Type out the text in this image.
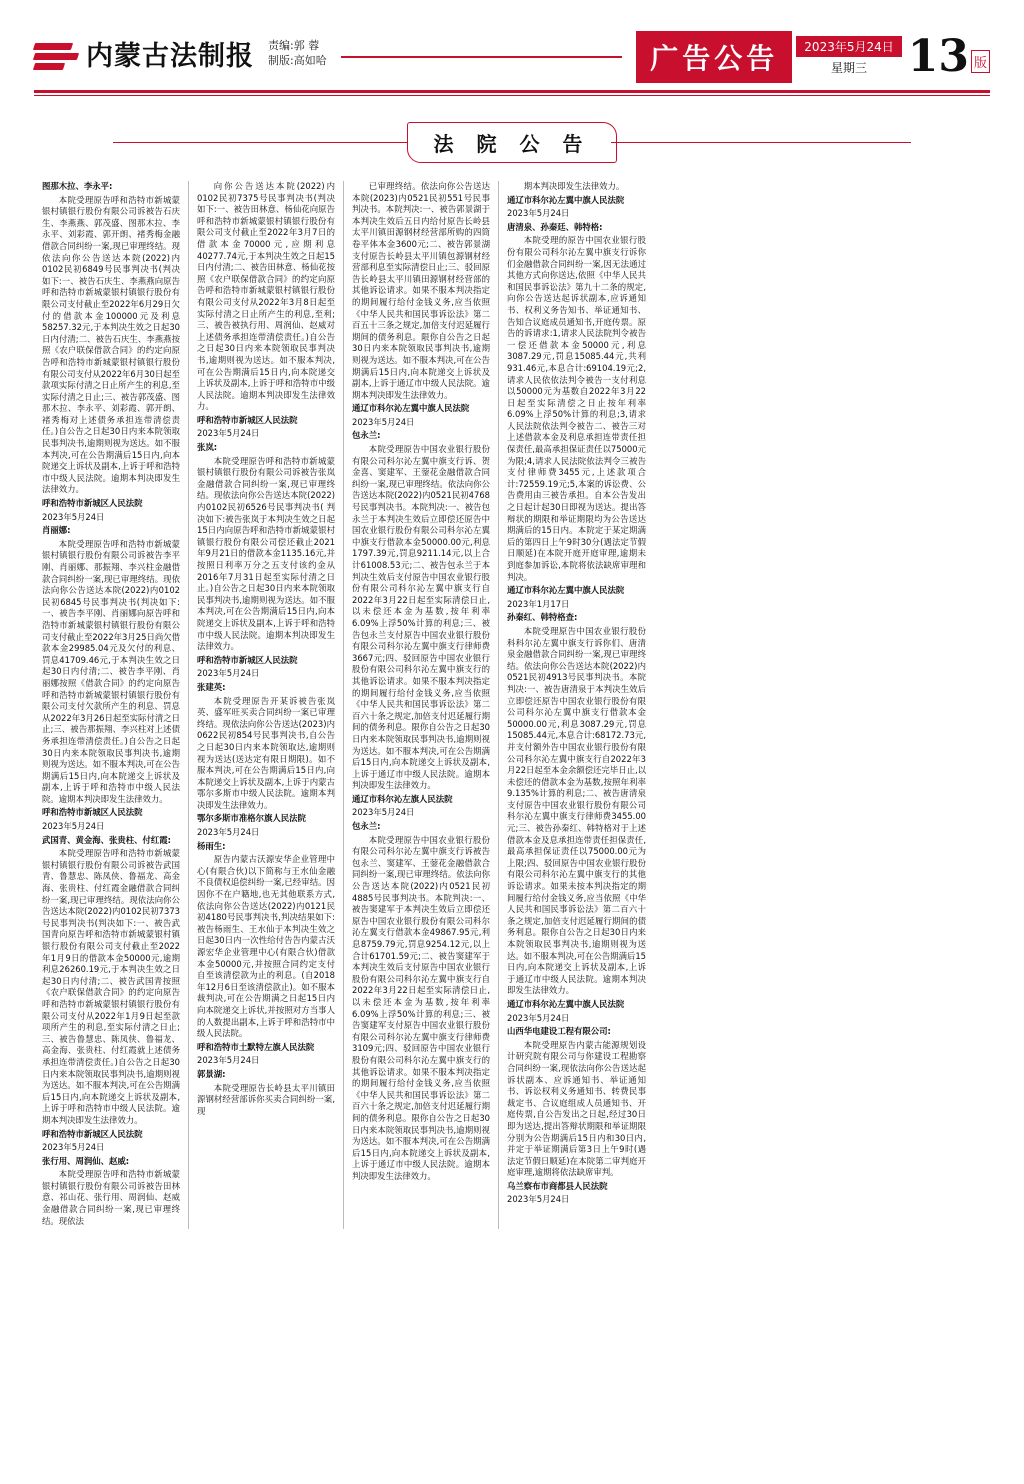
内蒙古法制报 责编:郭 蓉
制版:高如哈	广告公告	2023年5月24日
星期三 13 版
法 院 公 告

图那木拉、李永平:

本院受理原告呼和浩特市新城蒙银村镇银行股份有限公司诉被告石庆生、李燕燕、郭茂盛、图那木拉、李永平、刘彩霞、郭开朗、褚秀梅金融借款合同纠纷一案,现已审理终结。现依法向你公告送达本院(2022)内0102民初6849号民事判决书(判决如下:一、被告石庆生、李燕燕向原告呼和浩特市新城蒙银村镇银行股份有限公司支付截止至2022年6月29日欠付的借款本金100000元及利息58257.32元,于本判决生效之日起30日内付清;二、被告石庆生、李燕燕按照《农户联保借款合同》的约定向原告呼和浩特市新城蒙银村镇银行股份有限公司支付从2022年6月30日起至款项实际付清之日止所产生的利息,至实际付清之日止;三、被告郭茂盛、图那木拉、李永平、刘彩霞、郭开朗、褚秀梅对上述债务承担连带清偿责任。)自公告之日起30日内来本院领取民事判决书,逾期则视为送达。如不服本判决,可在公告期满后15日内,向本院递交上诉状及副本,上诉于呼和浩特市中级人民法院。逾期本判决即发生法律效力。

呼和浩特市新城区人民法院

2023年5月24日

肖丽娜:

本院受理原告呼和浩特市新城蒙银村镇银行股份有限公司诉被告李平刚、肖丽娜、那振翔、李兴柱金融借款合同纠纷一案,现已审理终结。现依法向你公告送达本院(2022)内0102民初6845号民事判决书(判决如下:一、被告李平刚、肖丽娜向原告呼和浩特市新城蒙银村镇银行股份有限公司支付截止至2022年3月25日尚欠借款本金29985.04元及欠付的利息、罚息41709.46元,于本判决生效之日起30日内付清;二、被告李平刚、肖丽娜按照《借款合同》的约定向原告呼和浩特市新城蒙银村镇银行股份有限公司支付欠款所产生的利息、罚息从2022年3月26日起至实际付清之日止;三、被告那振翔、李兴柱对上述债务承担连带清偿责任。)自公告之日起30日内来本院领取民事判决书,逾期则视为送达。如不服本判决,可在公告期满后15日内,向本院递交上诉状及副本,上诉于呼和浩特市中级人民法院。逾期本判决即发生法律效力。

呼和浩特市新城区人民法院

2023年5月24日

武国青、黄金海、张贵柱、付红霞:

本院受理原告呼和浩特市新城蒙银村镇银行股份有限公司诉被告武国青、鲁慧忠、陈凤侠、鲁福龙、高金海、张贵柱、付红霞金融借款合同纠纷一案,现已审理终结。现依法向你公告送达本院(2022)内0102民初7373号民事判决书(判决如下:一、被告武国青向原告呼和浩特市新城蒙银村镇银行股份有限公司支付截止至2022年1月9日的借款本金50000元,逾期利息26260.19元,于本判决生效之日起30日内付清;二、被告武国青按照《农户联保借款合同》的约定向原告呼和浩特市新城蒙银村镇银行股份有限公司支付从2022年1月9日起至款项所产生的利息,至实际付清之日止;三、被告鲁慧忠、陈凤侠、鲁福龙、高金海、张贵柱、付红霞就上述债务承担连带清偿责任。)自公告之日起30日内来本院领取民事判决书,逾期则视为送达。如不服本判决,可在公告期满后15日内,向本院递交上诉状及副本,上诉于呼和浩特市中级人民法院。逾期本判决即发生法律效力。

呼和浩特市新城区人民法院

2023年5月24日

张行用、周润仙、赵威:

本院受理原告呼和浩特市新城蒙银村镇银行股份有限公司诉被告田林意、祁山花、张行用、周润仙、赵威金融借款合同纠纷一案,现已审理终结。现依法

向你公告送达本院(2022)内0102民初7375号民事判决书(判决如下:一、被告田林意、杨仙花向原告呼和浩特市新城蒙银村镇银行股份有限公司支付截止至2022年3月7日的借款本金70000元,应期利息40277.74元,于本判决生效之日起15日内付清;二、被告田林意、杨仙花按照《农户联保借款合同》的约定向原告呼和浩特市新城蒙银村镇银行股份有限公司支付从2022年3月8日起至实际付清之日止所产生的利息,至利;三、被告被执行用、周润仙、赵威对上述债务承担连带清偿责任。)自公告之日起30日内来本院领取民事判决书,逾期则视为送达。如不服本判决,可在公告期满后15日内,向本院递交上诉状及副本,上诉于呼和浩特市中级人民法院。逾期本判决即发生法律效力。

呼和浩特市新城区人民法院

2023年5月24日

张岚:

本院受理原告呼和浩特市新城蒙银村镇银行股份有限公司诉被告张岚金融借款合同纠纷一案,现已审理终结。现依法向你公告送达本院(2022)内0102民初6526号民事判决书( 判决如下:被告张岚于本判决生效之日起15日内向原告呼和浩特市新城蒙银村镇银行股份有限公司偿还截止2021年9月21日的借款本金1135.16元,并按照日利率万分之五支付该约金从2016年7月31日起至实际付清之日止。)自公告之日起30日内来本院领取民事判决书,逾期则视为送达。如不服本判决,可在公告期满后15日内,向本院递交上诉状及副本,上诉于呼和浩特市中级人民法院。逾期本判决即发生法律效力。

呼和浩特市新城区人民法院

2023年5月24日

张建英:

本院受理原告开某诉被告张岚英、盛军旺买卖合同纠纷一案已审理终结。现依法向你公告送达(2023)内0622民初854号民事判决书,自公告之日起30日内来本院领取达,逾期则视为送达(送达定有限日期限)。如不服本判决,可在公告期满后15日内,向本院递交上诉状及副本,上诉于内蒙古鄂尔多斯市中级人民法院。逾期本判决即发生法律效力。

鄂尔多斯市准格尔旗人民法院

2023年5月24日

杨雨生:

原告内蒙古沃源安华企业管理中心(有限合伙)以下简称与王水仙金融不良债权追偿纠纷一案,已经审结。因因你不在户籍地,也无其他联系方式,依法向你公告送达(2022)内0121民初4180号民事判决书,判决结果如下:被告杨雨生、王水仙于本判决生效之日起30日内一次性给付告告内蒙古沃源宏华企业管理中心(有限合伙)借款本金50000元,并按照合同约定支付自至该清偿款为止的利息。(自2018年12月6日至该清偿款止)。如不服本裁判决,可在公告期满之日起15日内向本院递交上诉状,并按照对方当事人的人数提出副本,上诉于呼和浩特市中级人民法院。

呼和浩特市土默特左旗人民法院

2023年5月24日

郭景湖:

本院受理原告长岭县太平川镇田源钢材经营部诉你买卖合同纠纷一案,现

已审理终结。依法向你公告送达本院(2023)内0521民初551号民事判决书。本院判决:一、被告郭景湖于本判决生效后五日内给付原告长岭县太平川镇田源钢材经营部所购的四筒卷平体本金3600元;二、被告郭景湖支付原告长岭县太平川镇包源钢材经营部利息至实际清偿日止;三、驳回原告长岭县太平川镇田源钢材经营部的其他诉讼请求。如果不服本判决指定的期间履行给付金钱义务,应当依照《中华人民共和国民事诉讼法》第二百五十三条之规定,加倍支付迟延履行期间的债务利息。限你自公告之日起30日内来本院领取民事判决书,逾期则视为送达。如不服本判决,可在公告期满后15日内,向本院递交上诉状及副本,上诉于通辽市中级人民法院。逾期本判决即发生法律效力。

通辽市科尔沁左翼中旗人民法院

2023年5月24日

包永兰:

本院受理原告中国农业银行股份有限公司科尔沁左翼中旗支行诉、贺金喜、窦建军、王蓥花金融借款合同纠纷一案,现已审理终结。依法向你公告送达本院(2022)内0521民初4768号民事判决书。本院判决:一、被告包永兰于本判决生效后立即偿还原告中国农业银行股份有限公司科尔沁左翼中旗支行借款本金50000.00元,利息1797.39元,罚息9211.14元,以上合计61008.53元;二、被告包永兰于本判决生效后支付原告中国农业银行股份有限公司科尔沁左翼中旗支行自2022年3月22日起至实际清偿日止,以未偿还本金为基数,按年利率6.09%上浮50%计算的利息;三、被告包永兰支付原告中国农业银行股份有限公司科尔沁左翼中旗支行律师费3667元;四、驳回原告中国农业银行股份有限公司科尔沁左翼中旗支行的其他诉讼请求。如果不服本判决指定的期间履行给付金钱义务,应当依照《中华人民共和国民事诉讼法》第二百六十条之规定,加倍支付迟延履行期间的债务利息。限你自公告之日起30日内来本院领取民事判决书,逾期则视为送达。如不服本判决,可在公告期满后15日内,向本院递交上诉状及副本,上诉于通辽市中级人民法院。逾期本判决即发生法律效力。

通辽市科尔沁左旗人民法院

2023年5月24日

包永兰:

本院受理原告中国农业银行股份有限公司科尔沁左翼中旗支行诉被告包永兰、窦建军、王蓥花金融借款合同纠纷一案,现已审理终结。依法向你公告送达本院(2022)内0521民初4885号民事判决书。本院判决:一、被告窦建军于本判决生效后立即偿还原告中国农业银行股份有限公司科尔沁左翼支行借款本金49867.95元,利息8759.79元,罚息9254.12元,以上合计61701.59元;二、被告窦建军于本判决生效后支付原告中国农业银行股份有限公司科尔沁左翼中旗支行自2022年3月22日起至实际清偿日止,以未偿还本金为基数,按年利率6.09%上浮50%计算的利息;三、被告窦建军支付原告中国农业银行股份有限公司科尔沁左翼中旗支行律师费3109元;四、驳回原告中国农业银行股份有限公司科尔沁左翼中旗支行的其他诉讼请求。如果不服本判决指定的期间履行给付金钱义务,应当依照《中华人民共和国民事诉讼法》第二百六十条之规定,加倍支付迟延履行期间的债务利息。限你自公告之日起30日内来本院领取民事判决书,逾期则视为送达。如不服本判决,可在公告期满后15日内,向本院递交上诉状及副本,上诉于通辽市中级人民法院。逾期本判决即发生法律效力。

期本判决即发生法律效力。

通辽市科尔沁左翼中旗人民法院

2023年5月24日

唐清泉、孙秦廷、韩特格:

本院受理的原告中国农业银行股份有限公司科尔沁左翼中旗支行诉你们金融借款合同纠纷一案,因无法通过其他方式向你送达,依照《中华人民共和国民事诉讼法》第九十二条的规定,向你公告送达起诉状副本,应诉通知书、权利义务告知书、举证通知书、告知合议庭成员通知书,开庭传票。原告的诉请求:1,请求人民法院判令被告一偿还借款本金50000元,利息3087.29元,罚息15085.44元,共利931.46元,本息合计:69104.19元;2,请求人民依依法判令被告一支付利息以50000元为基数自2022年3月22日起至实际清偿之日止按年利率6.09%上浮50%计算的利息;3,请求人民法院依法判令被告二、被告三对上述借款本金及利息承担连带责任担保责任,最高承担保证责任以75000元为限;4,请求人民法院依法判令三被告支付律师费3455元,上述款项合计:72559.19元;5,本案的诉讼费、公告费用由三被告承担。自本公告发出之日起计起30日即视为送达。提出答辩状的期限和举证期限均为公告送达期满后的15日内。本院定于某定期满后的第四日上午9时30分(遇法定节假日顺延)在本院开庭开庭审理,逾期未到庭参加诉讼,本院将依法缺席审理和判决。

通辽市科尔沁左翼中旗人民法院

2023年1月17日

孙秦红、韩特格查:

本院受理原告中国农业银行股份科科尔沁左翼中旗支行诉你们、唐清泉金融借款合同纠纷一案,现已审理终结。依法向你公告送达本院(2022)内0521民初4913号民事判决书。本院判决:一、被告唐清泉于本判决生效后立即偿还原告中国农业银行股份有限公司科尔沁左翼中旗支行借款本金50000.00元,利息3087.29元,罚息15085.44元,本息合计:68172.73元,并支付额外告中国农业银行股份有限公司科尔沁左翼中旗支行自2022年3月22日起至本金余额偿还完毕日止,以未偿还的借款本金为基数,按照年利率9.135%计算的利息;二、被告唐清泉支付原告中国农业银行股份有限公司科尔沁左翼中旗支行律师费3455.00元;三、被告孙秦红、韩特格对于上述借款本金及息承担连带责任担保责任,最高承担保证责任以75000.00元为上限;四、驳回原告中国农业银行股份有限公司科尔沁左翼中旗支行的其他诉讼请求。如果未按本判决指定的期间履行给付金钱义务,应当依照《中华人民共和国民事诉讼法》第二百六十条之规定,加倍支付迟延履行期间的债务利息。限你自公告之日起30日内来本院领取民事判决书,逾期则视为送达。如不服本判决,可在公告期满后15日内,向本院递交上诉状及副本,上诉于通辽市中级人民法院。逾期本判决即发生法律效力。

通辽市科尔沁左翼中旗人民法院

2023年5月24日

山西华电建设工程有限公司:

本院受理原告内蒙古能源规划设计研究院有限公司与你建设工程勘察合同纠纷一案,现依法向你公告送达起诉状副本、应诉通知书、举证通知书、诉讼权利义务通知书、转费民事裁定书、合议庭组成人员通知书、开庭传票,自公告发出之日起,经过30日即为送达,提出答辩状期限和举证期限分别为公告期满后15日内和30日内,并定于举证期满后第3日上午9时(遇法定节假日顺延)在本院第二审判庭开庭审理,逾期将依法缺席审判。

乌兰察布市商都县人民法院

2023年5月24日
